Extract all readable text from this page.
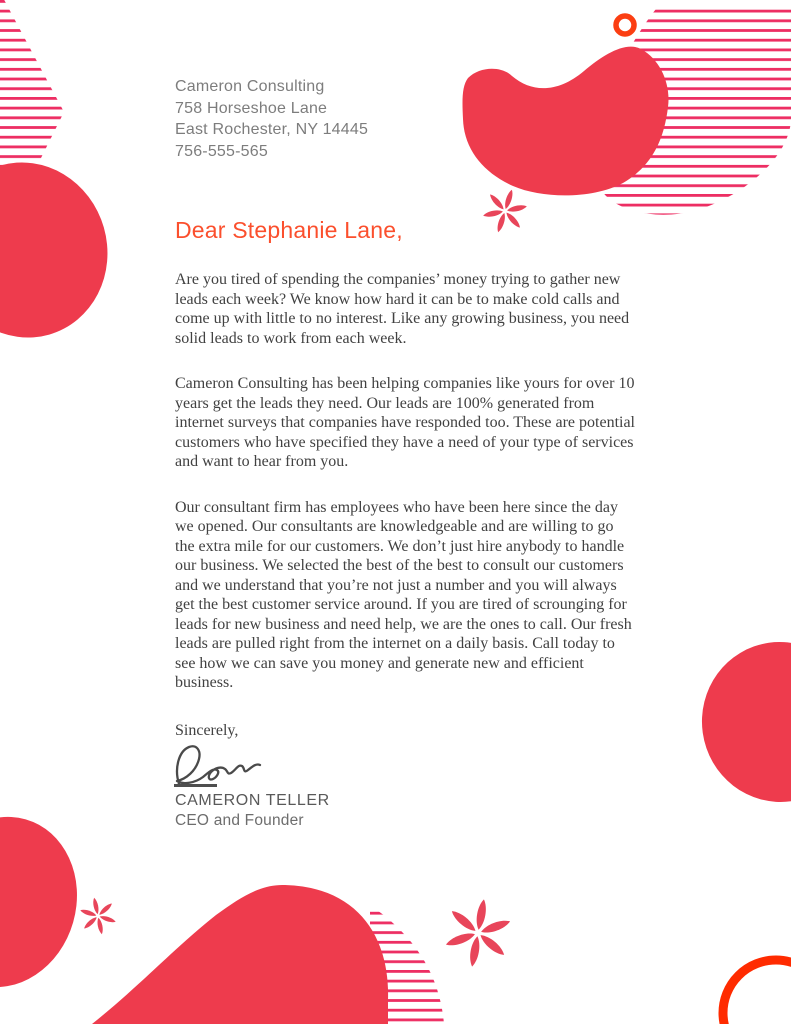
Cameron Consulting
758 Horseshoe Lane
East Rochester, NY 14445
756-555-565
Dear Stephanie Lane,

Are you tired of spending the companies’ money trying to gather new leads each week? We know how hard it can be to make cold calls and come up with little to no interest. Like any growing business, you need solid leads to work from each week.

Cameron Consulting has been helping companies like yours for over 10 years get the leads they need. Our leads are 100% generated from internet surveys that companies have responded too. These are potential customers who have specified they have a need of your type of services and want to hear from you.

Our consultant firm has employees who have been here since the day we opened. Our consultants are knowledgeable and are willing to go the extra mile for our customers. We don’t just hire anybody to handle our business. We selected the best of the best to consult our customers and we understand that you’re not just a number and you will always get the best customer service around. If you are tired of scrounging for leads for new business and need help, we are the ones to call. Our fresh leads are pulled right from the internet on a daily basis. Call today to see how we can save you money and generate new and efficient business.

Sincerely,
CAMERON TELLER
CEO and Founder
